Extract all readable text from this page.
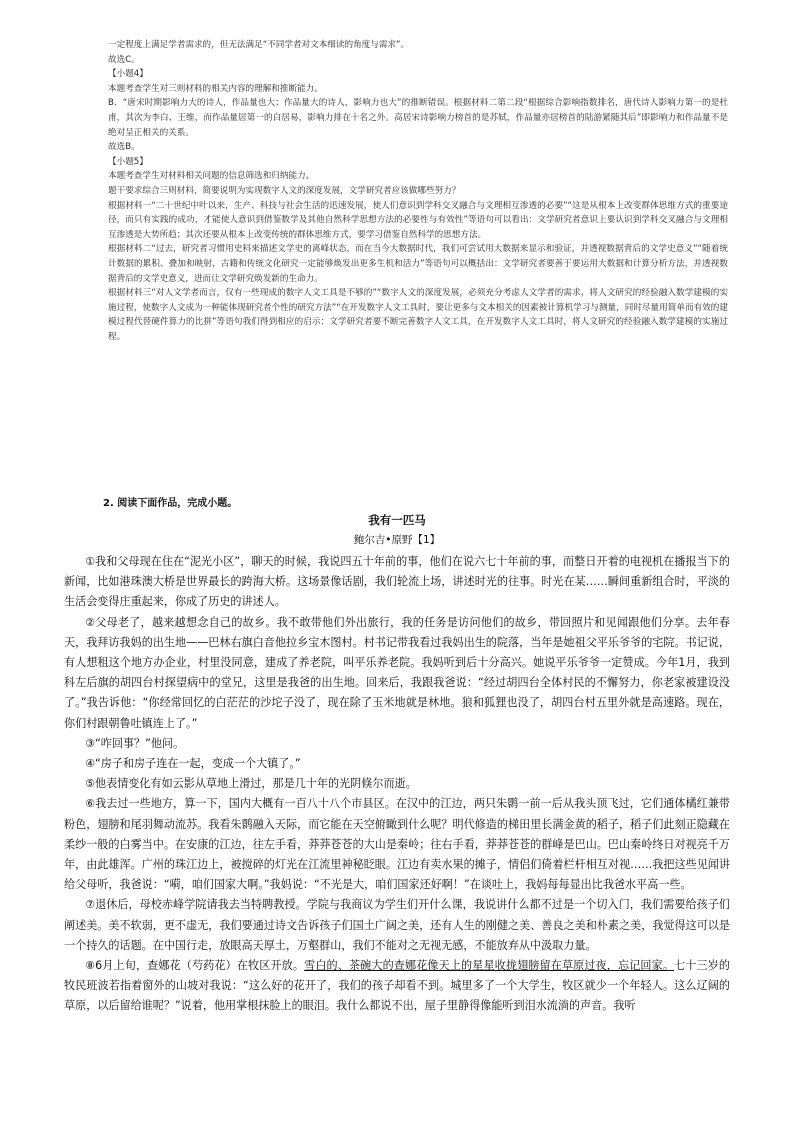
一定程度上满足学者需求的，但无法满足“不同学者对文本细读的角度与需求”。

故选C。

【小题4】

本题考查学生对三则材料的相关内容的理解和推断能力。

B．“唐宋时期影响力大的诗人，作品量也大；作品量大的诗人，影响力也大”的推断错误。根据材料二第二段“根据综合影响指数排名，唐代诗人影响力第一的是杜甫，其次为李白、王维，而作品量居第一的白居易，影响力排在十名之外。高居宋诗影响力榜首的是苏轼，作品量亦居榜首的陆游紧随其后”即影响力和作品量不是绝对呈正相关的关系。

故选B。

【小题5】

本题考查学生对材料相关问题的信息筛选和归纳能力。

题干要求综合三则材料，简要说明为实现数字人文的深度发展，文学研究者应该做哪些努力？

根据材料一“二十世纪中叶以来，生产、科技与社会生活的迅速发展，使人们意识到学科交叉融合与文理相互渗透的必要”“这是从根本上改变群体思维方式的重要途径，而只有实践的成功，才能使人意识到借鉴数学及其他自然科学思想方法的必要性与有效性”等语句可以看出：文学研究者意识上要认识到学科交叉融合与文理相互渗透是大势所趋；其次还要从根本上改变传统的群体思维方式，要学习借鉴自然科学的思想方法。

根据材料二“过去，研究者习惯用史料来描述文学史的离峰状态，而在当今大数据时代，我们可尝试用大数据来显示和验证，并透视数据背后的文学史意义”“随着统计数据的累积、叠加和映射，古籍和传统文化研究一定能够焕发出更多生机和活力”等语句可以概括出：文学研究者要善于要运用大数据和计算分析方法，并透视数据背后的文学史意义，进而让文学研究焕发新的生命力。

根据材料三“对人文学者而言，仅有一些现成的数字人文工具是不够的”“数字人文的深度发展，必须充分考虑人文学者的需求，将人文研究的经验融入数学建模的实施过程，使数字人文成为一种能体现研究者个性的研究方法”“在开发数字人文工具时，要让更多与文本相关的因素被计算机学习与测量，同时尽量用简单而有效的建模过程代替硬件算力的比拼”等语句我们得到相应的启示：文学研究者要不断完善数字人文工具，在开发数字人文工具时，将人文研究的经验融入数学建模的实施过程。

2. 阅读下面作品，完成小题。
我有一匹马
鲍尔吉•原野【1】

①我和父母现在住在“泥光小区”，聊天的时候，我说四五十年前的事，他们在说六七十年前的事，而整日开着的电视机在播报当下的新闻，比如港珠澳大桥是世界最长的跨海大桥。这场景像话剧，我们轮流上场，讲述时光的往事。时光在某……瞬间重新组合时，平淡的生活会变得庄重起来，你成了历史的讲述人。

②父母老了，越来越想念自己的故乡。我不敢带他们外出旅行，我的任务是访问他们的故乡，带回照片和见闻跟他们分享。去年春天，我拜访我妈的出生地——巴林右旗白音他拉乡宝木图村。村书记带我看过我妈出生的院落，当年是她祖父平乐爷爷的宅院。书记说，有人想租这个地方办企业，村里没同意，建成了养老院，叫平乐养老院。我妈听到后十分高兴。她说平乐爷爷一定赞成。今年1月，我到科左后旗的胡四台村探望病中的堂兄，这里是我爸的出生地。回来后，我跟我爸说：“经过胡四台全体村民的不懈努力，你老家被建设没了。”我告诉他：“你经常回忆的白茫茫的沙坨子没了，现在除了玉米地就是林地。狼和狐狸也没了，胡四台村五里外就是高速路。现在，你们村跟朝鲁吐镇连上了。”

③“咋回事？”他问。

④“房子和房子连在一起，变成一个大镇了。”

⑤他表情变化有如云影从草地上滑过，那是几十年的光阴倏尔而逝。

⑥我去过一些地方，算一下，国内大概有一百八十八个市县区。在汉中的江边，两只朱鹮一前一后从我头顶飞过，它们通体橘红兼带粉色，翅膀和尾羽舞动流苏。我看朱鹮融入天际，而它能在天空俯瞰到什么呢？明代修造的梯田里长满金黄的稻子，稻子们此刻正隐藏在柔纱一般的白雾当中。在安康的江边，往左手看，莽莽苍苍的大山是秦岭；往右手看，莽莽苍苍的群峰是巴山。巴山秦岭终日对视亮千万年，由此雄浑。广州的珠江边上，被搅碎的灯光在江流里神秘眨眼。江边有卖水果的摊子，情侣们倚着栏杆相互对视……我把这些见闻讲给父母听，我爸说：“嗬，咱们国家大啊。”我妈说：“不光是大，咱们国家还好啊！”在谈吐上，我妈每每显出比我爸水平高一些。

⑦退休后，母校赤峰学院请我去当特聘教授。学院与我商议为学生们开什么课，我说讲什么都不过是一个切入门，我们需要给孩子们阐述美。美不软弱，更不虚无，我们要通过诗文告诉孩子们国土广阔之美，还有人生的刚健之美、善良之美和朴素之美，我觉得这可以是一个持久的话题。在中国行走，放眼高天厚土，万壑群山，我们不能对之无视无感，不能放弃从中汲取力量。

⑧6月上旬，查娜花（芍药花）在牧区开放。雪白的、茶碗大的查娜花像天上的星星收拢翅膀留在草原过夜，忘记回家。七十三岁的牧民班波若指着窗外的山坡对我说：“这么好的花开了，我们的孩子却看不到。城里多了一个大学生，牧区就少一个年轻人。这么辽阔的草原，以后留给谁呢？”说着，他用掌根抹脸上的眼泪。我什么都说不出，屋子里静得像能听到泪水流淌的声音。我听
